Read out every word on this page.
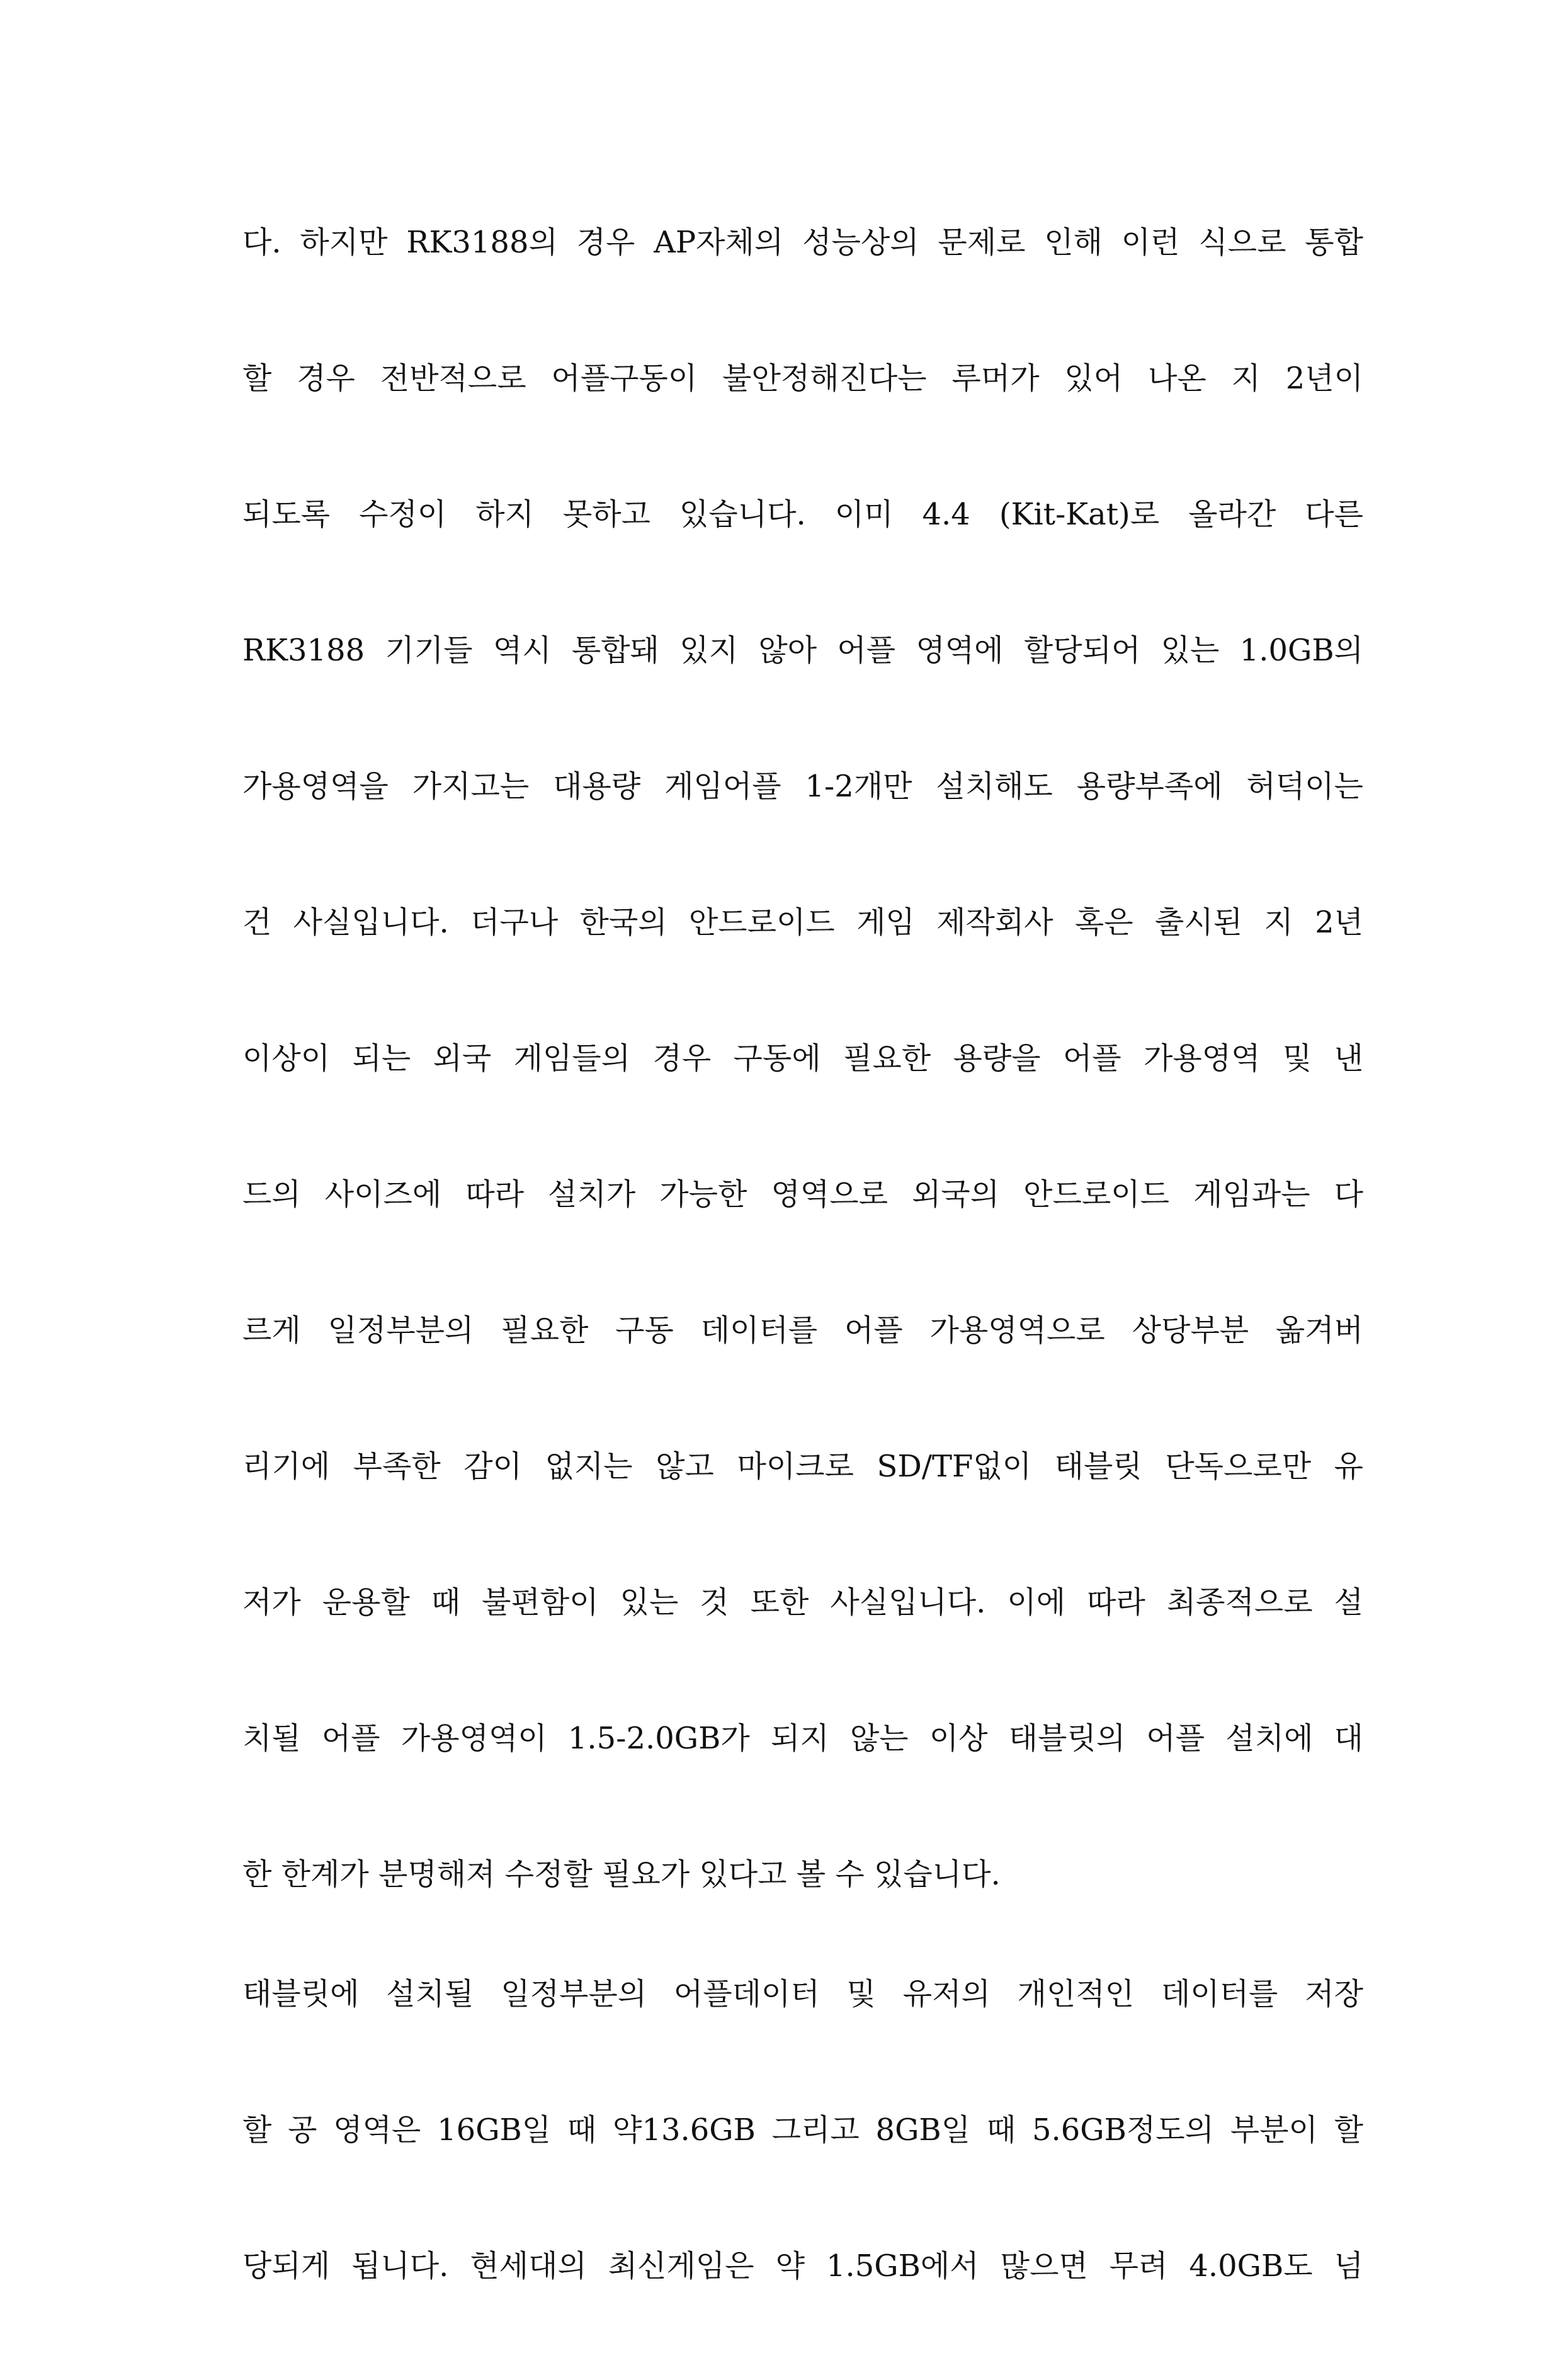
다. 하지만 RK3188의 경우 AP자체의 성능상의 문제로 인해 이런 식으로 통합
할 경우 전반적으로 어플구동이 불안정해진다는 루머가 있어 나온 지 2년이
되도록 수정이 하지 못하고 있습니다. 이미 4.4 (Kit-Kat)로 올라간 다른
RK3188 기기들 역시 통합돼 있지 않아 어플 영역에 할당되어 있는 1.0GB의
가용영역을 가지고는 대용량 게임어플 1-2개만 설치해도 용량부족에 허덕이는
건 사실입니다. 더구나 한국의 안드로이드 게임 제작회사 혹은 출시된 지 2년
이상이 되는 외국 게임들의 경우 구동에 필요한 용량을 어플 가용영역 및 낸
드의 사이즈에 따라 설치가 가능한 영역으로 외국의 안드로이드 게임과는 다
르게 일정부분의 필요한 구동 데이터를 어플 가용영역으로 상당부분 옮겨버
리기에 부족한 감이 없지는 않고 마이크로 SD/TF없이 태블릿 단독으로만 유
저가 운용할 때 불편함이 있는 것 또한 사실입니다. 이에 따라 최종적으로 설
치될 어플 가용영역이 1.5-2.0GB가 되지 않는 이상 태블릿의 어플 설치에 대
한 한계가 분명해져 수정할 필요가 있다고 볼 수 있습니다.
태블릿에 설치될 일정부분의 어플데이터 및 유저의 개인적인 데이터를 저장
할 공 영역은 16GB일 때 약13.6GB 그리고 8GB일 때 5.6GB정도의 부분이 할
당되게 됩니다. 현세대의 최신게임은 약 1.5GB에서 많으면 무려 4.0GB도 넘
